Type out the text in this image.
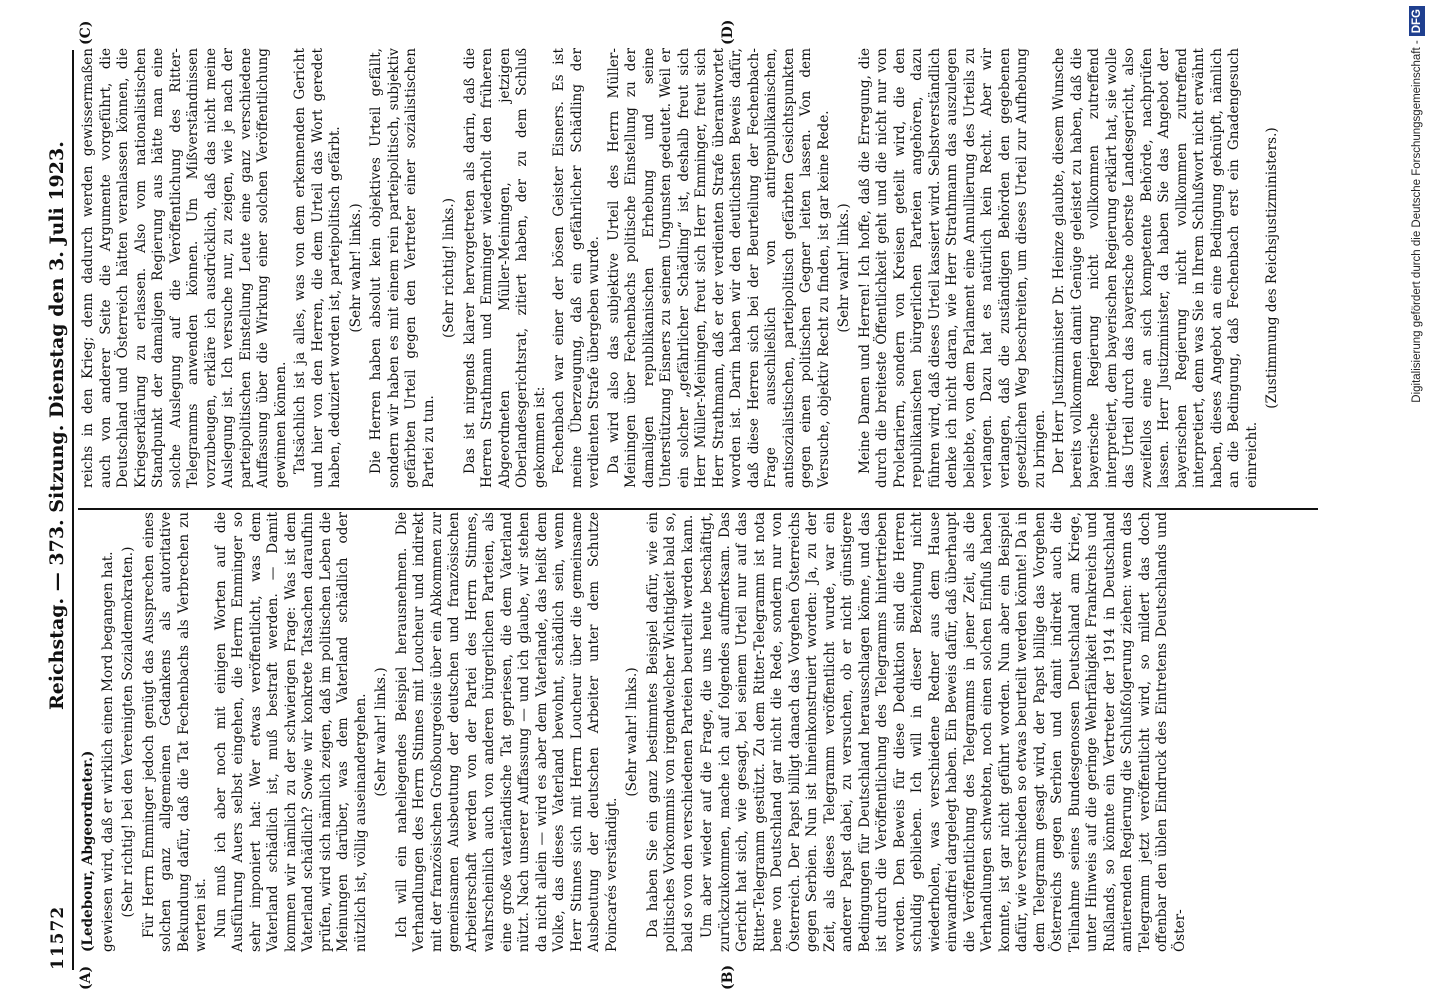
11572
Reichstag. — 373. Sitzung. Dienstag den 3. Juli 1923.
(A)	(B)
(C)	(D)

(Ledebour, Abgeordneter.) gewiesen wird, daß er wirklich einen Mord begangen hat. (Sehr richtig! bei den Vereinigten Sozialdemokraten.) Für Herrn Emminger jedoch genügt das Aussprechen eines solchen ganz allgemeinen Gedankens als autoritative Bekundung dafür, daß die Tat Fechenbachs als Verbrechen zu werten ist. Nun muß ich aber noch mit einigen Worten auf die Ausführung Auers selbst eingehen, die Herrn Emminger so sehr imponiert hat: Wer etwas veröffentlicht, was dem Vaterland schädlich ist, muß bestraft werden. — Damit kommen wir nämlich zu der schwierigen Frage: Was ist dem Vaterland schädlich? Sowie wir konkrete Tatsachen daraufhin prüfen, wird sich nämlich zeigen, daß im politischen Leben die Meinungen darüber, was dem Vaterland schädlich oder nützlich ist, völlig auseinandergehen. (Sehr wahr! links.) Ich will ein naheliegendes Beispiel herausnehmen. Die Verhandlungen des Herrn Stinnes mit Loucheur und indirekt mit der französischen Großbourgeoisie über ein Abkommen zur gemeinsamen Ausbeutung der deutschen und französischen Arbeiterschaft werden von der Partei des Herrn Stinnes, wahrscheinlich auch von anderen bürgerlichen Parteien, als eine große vaterländische Tat gepriesen, die dem Vaterland nützt. Nach unserer Auffassung — und ich glaube, wir stehen da nicht allein — wird es aber dem Vaterlande, das heißt dem Volke, das dieses Vaterland bewohnt, schädlich sein, wenn Herr Stinnes sich mit Herrn Loucheur über die gemeinsame Ausbeutung der deutschen Arbeiter unter dem Schutze Poincarés verständigt.

(Sehr wahr! links.) Da haben Sie ein ganz bestimmtes Beispiel dafür, wie ein politisches Vorkommnis von irgendwelcher Wichtigkeit bald so, bald so von den verschiedenen Parteien beurteilt werden kann. Um aber wieder auf die Frage, die uns heute beschäftigt, zurückzukommen, mache ich auf folgendes aufmerksam. Das Gericht hat sich, wie gesagt, bei seinem Urteil nur auf das Ritter-Telegramm gestützt. Zu dem Ritter-Telegramm ist nota bene von Deutschland gar nicht die Rede, sondern nur von Österreich. Der Papst billigt danach das Vorgehen Österreichs gegen Serbien. Nun ist hineinkonstruiert worden: Ja, zu der Zeit, als dieses Telegramm veröffentlicht wurde, war ein anderer Papst dabei, zu versuchen, ob er nicht günstigere Bedingungen für Deutschland herausschlagen könne, und das ist durch die Veröffentlichung des Telegramms hintertrieben worden. Den Beweis für diese Deduktion sind die Herren schuldig geblieben. Ich will in dieser Beziehung nicht wiederholen, was verschiedene Redner aus dem Hause einwandfrei dargelegt haben. Ein Beweis dafür, daß überhaupt die Veröffentlichung des Telegramms in jener Zeit, als die Verhandlungen schwebten, noch einen solchen Einfluß haben konnte, ist gar nicht geführt worden. Nun aber ein Beispiel dafür, wie verschieden so etwas beurteilt werden könnte! Da in dem Telegramm gesagt wird, der Papst billige das Vorgehen Österreichs gegen Serbien und damit indirekt auch die Teilnahme seines Bundesgenossen Deutschland am Kriege, unter Hinweis auf die geringe Wehrfähigkeit Frankreichs und Rußlands, so könnte ein Vertreter der 1914 in Deutschland amtierenden Regierung die Schlußfolgerung ziehen: wenn das Telegramm jetzt veröffentlicht wird, so mildert das doch offenbar den üblen Eindruck des Eintretens Deutschlands und Öster-

reichs in den Krieg; denn dadurch werden gewissermaßen auch von anderer Seite die Argumente vorgeführt, die Deutschland und Österreich hätten veranlassen können, die Kriegserklärung zu erlassen. Also vom nationalistischen Standpunkt der damaligen Regierung aus hätte man eine solche Auslegung auf die Veröffentlichung des Ritter-Telegramms anwenden können. Um Mißverständnissen vorzubeugen, erkläre ich ausdrücklich, daß das nicht meine Auslegung ist. Ich versuche nur, zu zeigen, wie je nach der parteipolitischen Einstellung Leute eine ganz verschiedene Auffassung über die Wirkung einer solchen Veröffentlichung gewinnen können. Tatsächlich ist ja alles, was von dem erkennenden Gericht und hier von den Herren, die dem Urteil das Wort geredet haben, deduziert worden ist, parteipolitisch gefärbt. (Sehr wahr! links.) Die Herren haben absolut kein objektives Urteil gefällt, sondern wir haben es mit einem rein parteipolitisch, subjektiv gefärbten Urteil gegen den Vertreter einer sozialistischen Partei zu tun.

(Sehr richtig! links.) Das ist nirgends klarer hervorgetreten als darin, daß die Herren Strathmann und Emminger wiederholt den früheren Abgeordneten Müller-Meiningen, jetzigen Oberlandesgerichtsrat, zitiert haben, der zu dem Schluß gekommen ist: Fechenbach war einer der bösen Geister Eisners. Es ist meine Überzeugung, daß ein gefährlicher Schädling der verdienten Strafe übergeben wurde. Da wird also das subjektive Urteil des Herrn Müller-Meiningen über Fechenbachs politische Einstellung zu der damaligen republikanischen Erhebung und seine Unterstützung Eisners zu seinem Ungunsten gedeutet. Weil er ein solcher „gefährlicher Schädling“ ist, deshalb freut sich Herr Müller-Meiningen, freut sich Herr Emminger, freut sich Herr Strathmann, daß er der verdienten Strafe überantwortet worden ist. Darin haben wir den deutlichsten Beweis dafür, daß diese Herren sich bei der Beurteilung der Fechenbach-Frage ausschließlich von antirepublikanischen, antisozialistischen, parteipolitisch gefärbten Gesichtspunkten gegen einen politischen Gegner leiten lassen. Von dem Versuche, objektiv Recht zu finden, ist gar keine Rede. (Sehr wahr! links.) Meine Damen und Herren! Ich hoffe, daß die Erregung, die durch die breiteste Öffentlichkeit geht und die nicht nur von Proletariern, sondern von Kreisen geteilt wird, die den republikanischen bürgerlichen Parteien angehören, dazu führen wird, daß dieses Urteil kassiert wird. Selbstverständlich denke ich nicht daran, wie Herr Strathmann das auszulegen beliebte, von dem Parlament eine Annullierung des Urteils zu verlangen. Dazu hat es natürlich kein Recht. Aber wir verlangen, daß die zuständigen Behörden den gegebenen gesetzlichen Weg beschreiten, um dieses Urteil zur Aufhebung zu bringen. Der Herr Justizminister Dr. Heinze glaubte, diesem Wunsche bereits vollkommen damit Genüge geleistet zu haben, daß die bayerische Regierung nicht vollkommen zutreffend interpretiert, dem bayerischen Regierung erklärt hat, sie wolle das Urteil durch das bayerische oberste Landesgericht, also zweifellos eine an sich kompetente Behörde, nachprüfen lassen. Herr Justizminister, da haben Sie das Angebot der bayerischen Regierung nicht vollkommen zutreffend interpretiert, denn was Sie in Ihrem Schlußwort nicht erwähnt haben, dieses Angebot an eine Bedingung geknüpft, nämlich an die Bedingung, daß Fechenbach erst ein Gnadengesuch einreicht.

(Zustimmung des Reichsjustizministers.)	Digitalisierung gefördert durch die Deutsche Forschungsgemeinschaft -DFG
